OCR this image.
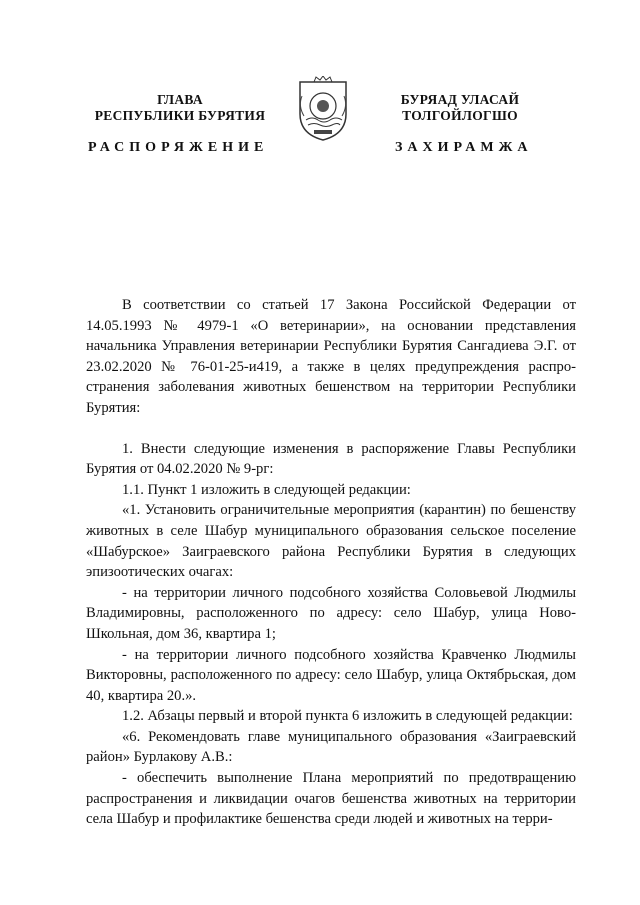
ГЛАВА
РЕСПУБЛИКИ БУРЯТИЯ
БУРЯАД УЛАСАЙ
ТОЛГОЙЛОГШО
РАСПОРЯЖЕНИЕ	ЗАХИРАМЖА

В соответствии со статьей 17 Закона Российской Федерации от 14.05.1993 № 4979-1 «О ветеринарии», на основании представления начальника Управления ветеринарии Республики Бурятия Сангадиева Э.Г. от 23.02.2020 № 76-01-25-и419, а также в целях предупреждения распространения заболевания животных бешенством на территории Республики Бурятия:

1. Внести следующие изменения в распоряжение Главы Республики Бурятия от 04.02.2020 № 9-рг:

1.1. Пункт 1 изложить в следующей редакции:

«1. Установить ограничительные мероприятия (карантин) по бешенству животных в селе Шабур муниципального образования сельское поселение «Шабурское» Заиграевского района Республики Бурятия в следующих эпизоотических очагах:

- на территории личного подсобного хозяйства Соловьевой Людмилы Владимировны, расположенного по адресу: село Шабур, улица Ново-Школьная, дом 36, квартира 1;

- на территории личного подсобного хозяйства Кравченко Людмилы Викторовны, расположенного по адресу: село Шабур, улица Октябрьская, дом 40, квартира 20.».

1.2. Абзацы первый и второй пункта 6 изложить в следующей редакции:

«6. Рекомендовать главе муниципального образования «Заиграевский район» Бурлакову А.В.:

- обеспечить выполнение Плана мероприятий по предотвращению распространения и ликвидации очагов бешенства животных на территории села Шабур и профилактике бешенства среди людей и животных на терри-
